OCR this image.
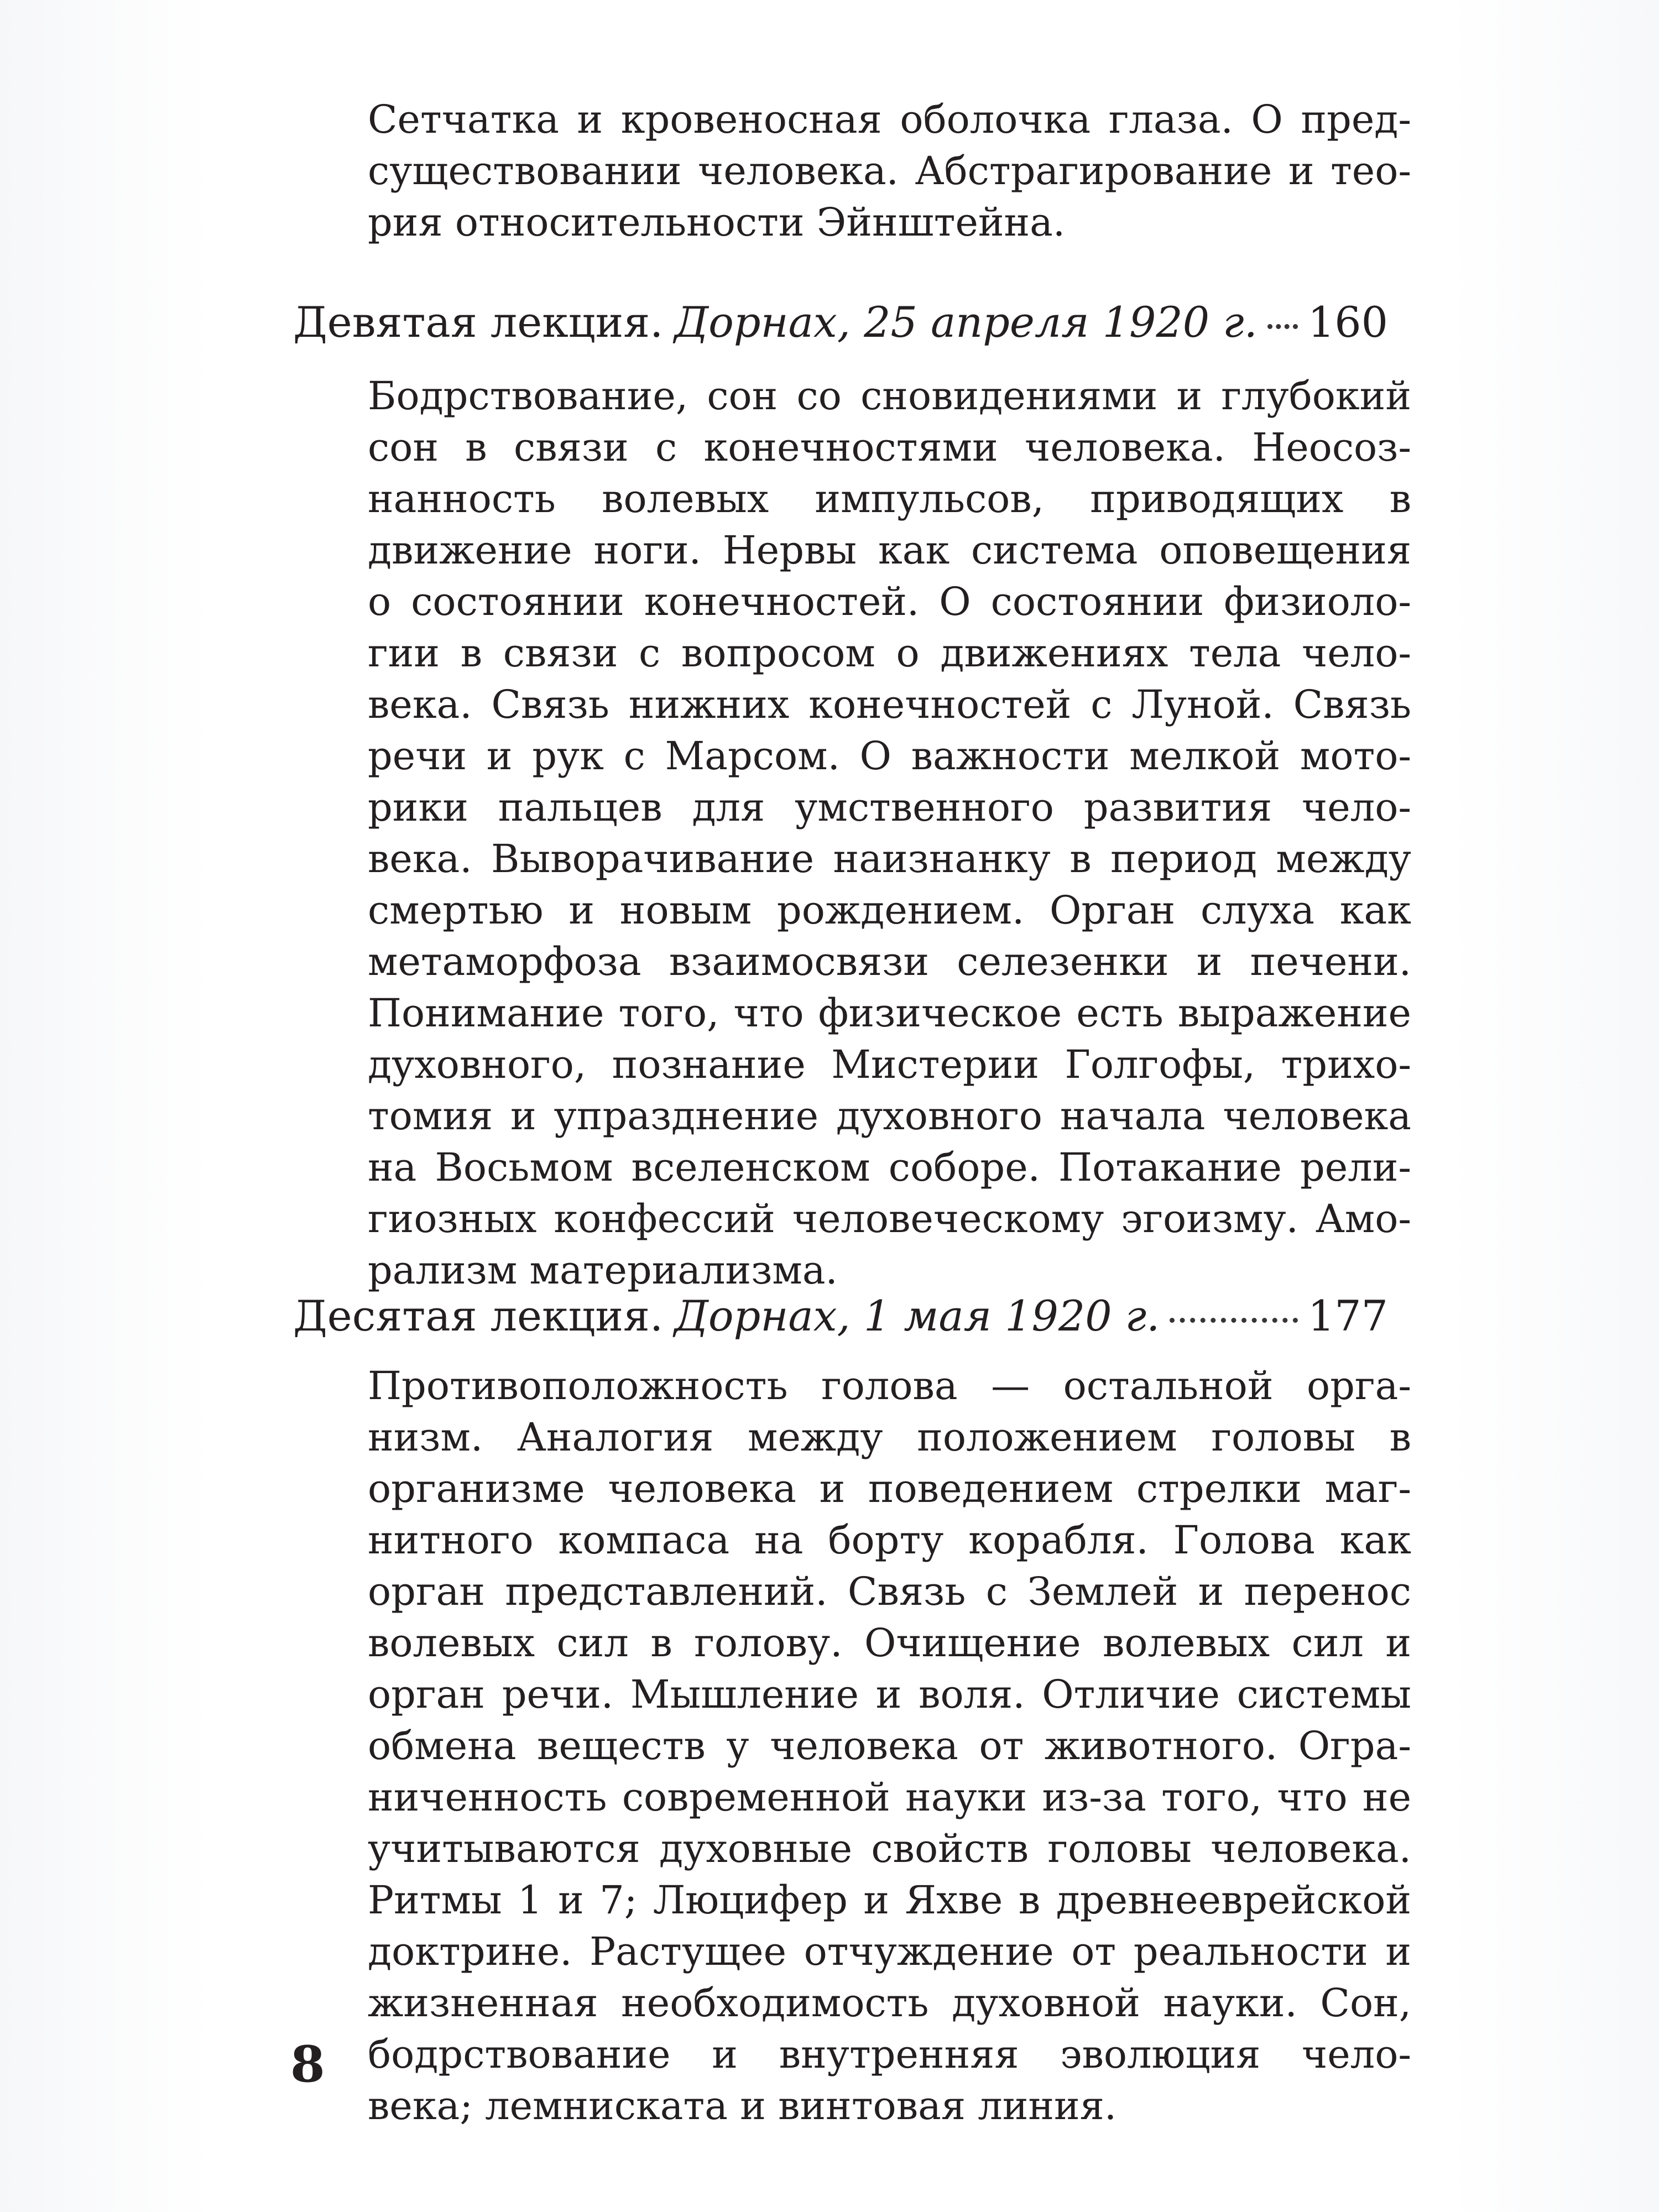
Сетчатка и кровеносная оболочка глаза. О пред-
существовании человека. Абстрагирование и тео-
рия относительности Эйнштейна.
Девятая лекция. Дорнах, 25 апреля 1920 г. 160
Бодрствование, сон со сновидениями и глубокий
сон в связи с конечностями человека. Неосоз-
нанность волевых импульсов, приводящих в
движение ноги. Нервы как система оповещения
о состоянии конечностей. О состоянии физиоло-
гии в связи с вопросом о движениях тела чело-
века. Связь нижних конечностей с Луной. Связь
речи и рук с Марсом. О важности мелкой мото-
рики пальцев для умственного развития чело-
века. Выворачивание наизнанку в период между
смертью и новым рождением. Орган слуха как
метаморфоза взаимосвязи селезенки и печени.
Понимание того, что физическое есть выражение
духовного, познание Мистерии Голгофы, трихо-
томия и упразднение духовного начала человека
на Восьмом вселенском соборе. Потакание рели-
гиозных конфессий человеческому эгоизму. Амо-
рализм материализма.
Десятая лекция. Дорнах, 1 мая 1920 г.	177
Противоположность голова — остальной орга-
низм. Аналогия между положением головы в
организме человека и поведением стрелки маг-
нитного компаса на борту корабля. Голова как
орган представлений. Связь с Землей и перенос
волевых сил в голову. Очищение волевых сил и
орган речи. Мышление и воля. Отличие системы
обмена веществ у человека от животного. Огра-
ниченность современной науки из-за того, что не
учитываются духовные свойств головы человека.
Ритмы 1 и 7; Люцифер и Яхве в древнееврейской
доктрине. Растущее отчуждение от реальности и
жизненная необходимость духовной науки. Сон,
бодрствование и внутренняя эволюция чело-
века; лемниската и винтовая линия.
8
